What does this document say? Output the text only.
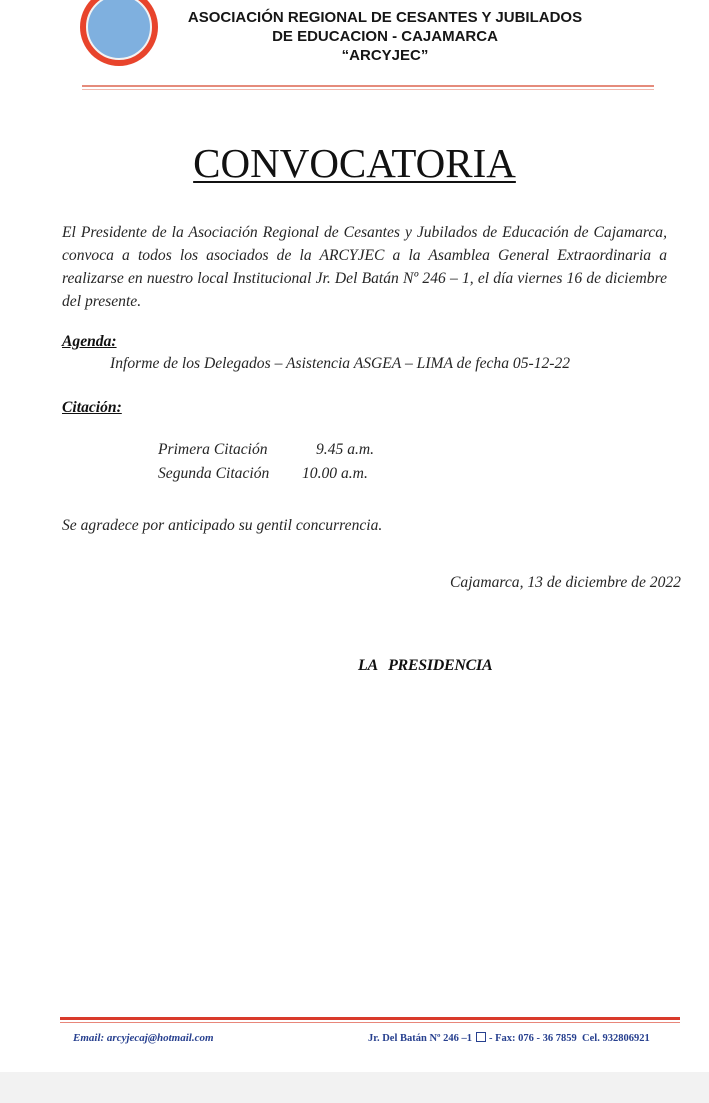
ASOCIACIÓN REGIONAL DE CESANTES Y JUBILADOS
DE EDUCACION - CAJAMARCA
“ARCYJEC”
CONVOCATORIA
El Presidente de la Asociación Regional de Cesantes y Jubilados de Educación de Cajamarca, convoca a todos los asociados de la ARCYJEC a la Asamblea General Extraordinaria a realizarse en nuestro local Institucional Jr. Del Batán Nº 246 – 1, el día viernes 16 de diciembre del presente.
Agenda:
Informe de los Delegados – Asistencia ASGEA – LIMA de fecha 05-12-22
Citación:
Primera Citación	9.45 a.m.
Segunda Citación 10.00 a.m.
Se agradece por anticipado su gentil concurrencia.
Cajamarca, 13 de diciembre de 2022
LA   PRESIDENCIA
Email: arcyjecaj@hotmail.com	Jr. Del Batán Nº 246 –1 - Fax: 076 - 36 7859 Cel. 932806921
